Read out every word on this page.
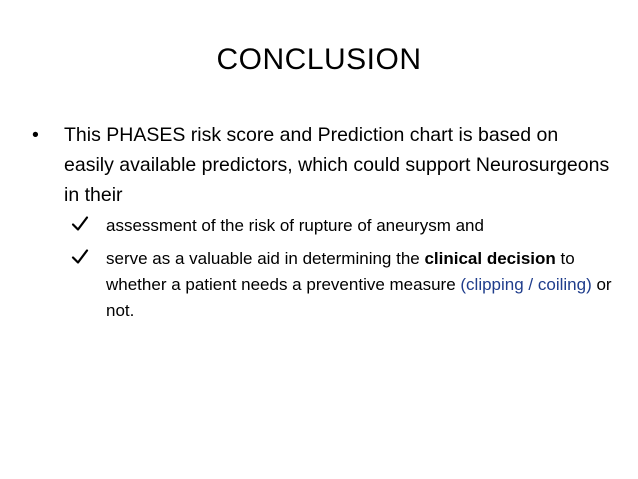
CONCLUSION
• This PHASES risk score and Prediction chart is based on easily available predictors, which could support Neurosurgeons in their
assessment of the risk of rupture of aneurysm and
serve as a valuable aid in determining the clinical decision to whether a patient needs a preventive measure (clipping / coiling) or not.
